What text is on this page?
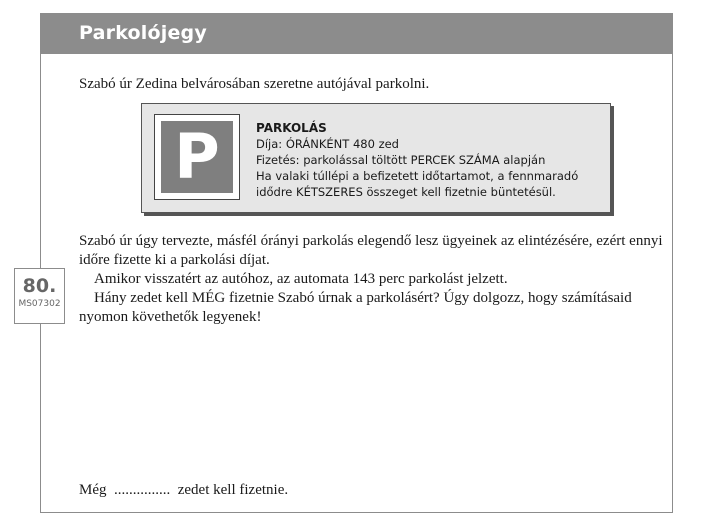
Parkolójegy
Szabó úr Zedina belvárosában szeretne autójával parkolni.
P	PARKOLÁS
Díja: ÓRÁNKÉNT 480 zed
Fizetés: parkolással töltött PERCEK SZÁMA alapján
Ha valaki túllépi a befizetett időtartamot, a fennmaradó
idődre KÉTSZERES összeget kell fizetnie büntetésül.
Szabó úr úgy tervezte, másfél órányi parkolás elegendő lesz ügyeinek az elintézésére, ezért ennyi időre fizette ki a parkolási díjat.
Amikor visszatért az autóhoz, az automata 143 perc parkolást jelzett.
Hány zedet kell MÉG fizetnie Szabó úrnak a parkolásért? Úgy dolgozz, hogy számításaid nyomon követhetők legyenek!
Még  ...............  zedet kell fizetnie.
80.
MS07302
